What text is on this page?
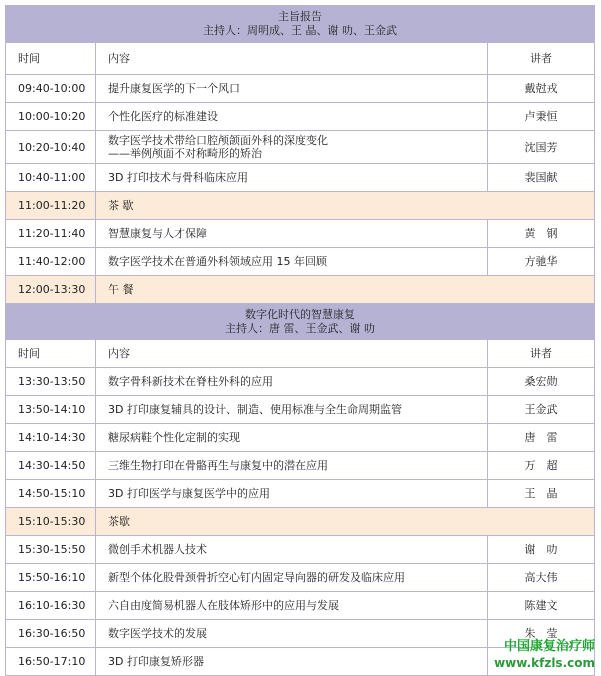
主旨报告
主持人：周明成、王 晶、谢 叻、王金武		

时间	内容	讲者
09:40-10:00	提升康复医学的下一个风口	戴尅戎
10:00-10:20	个性化医疗的标准建设	卢秉恒
10:20-10:40	数字医学技术带给口腔颅颌面外科的深度变化
——举例颅面不对称畸形的矫治	沈国芳
10:40-11:00	3D 打印技术与骨科临床应用	裴国献
11:00-11:20	茶 歇	
11:20-11:40	智慧康复与人才保障	黄　钢
11:40-12:00	数字医学技术在普通外科领域应用 15 年回顾	方驰华
12:00-13:30	午 餐	

数字化时代的智慧康复
主持人：唐 雷、王金武、谢 叻		

时间	内容	讲者
13:30-13:50	数字骨科新技术在脊柱外科的应用	桑宏勋
13:50-14:10	3D 打印康复辅具的设计、制造、使用标准与全生命周期监管	王金武
14:10-14:30	糖尿病鞋个性化定制的实现	唐　雷
14:30-14:50	三维生物打印在骨骼再生与康复中的潜在应用	万　超
14:50-15:10	3D 打印医学与康复医学中的应用	王　晶
15:10-15:30	茶歇	
15:30-15:50	微创手术机器人技术	谢　叻
15:50-16:10	新型个体化股骨颈骨折空心钉内固定导向器的研发及临床应用	高大伟
16:10-16:30	六自由度简易机器人在肢体矫形中的应用与发展	陈建文
16:30-16:50	数字医学技术的发展	朱　莹
16:50-17:10	3D 打印康复矫形器	
中国康复治疗师
www.kfzls.com
